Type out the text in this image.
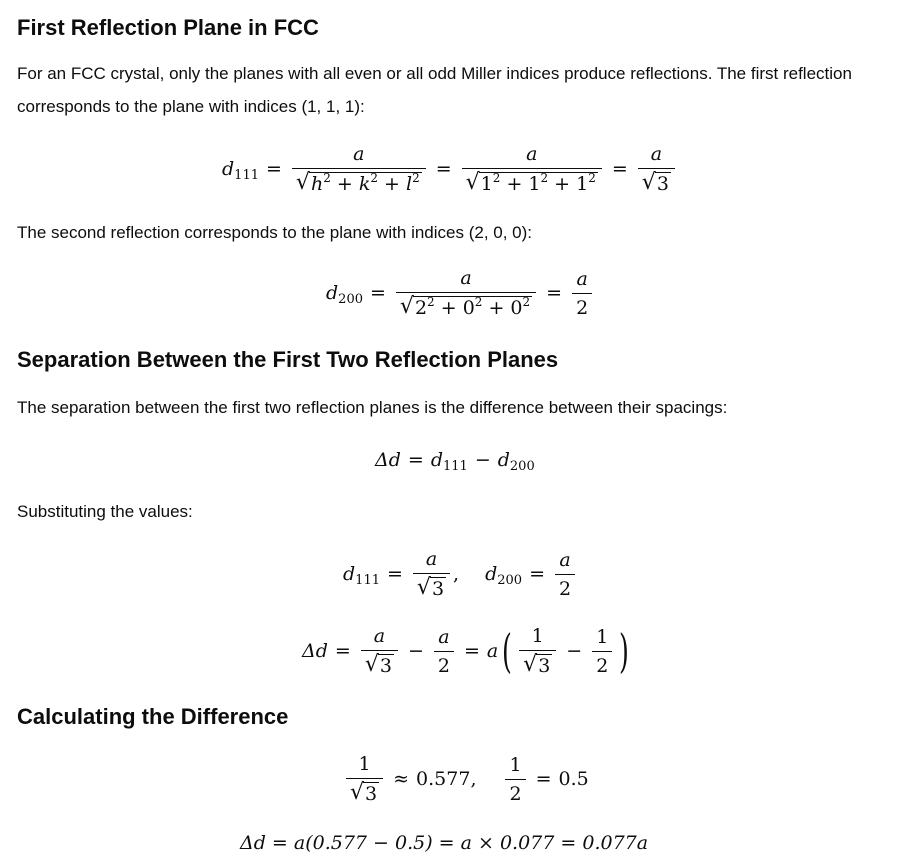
First Reflection Plane in FCC

For an FCC crystal, only the planes with all even or all odd Miller indices produce reflections. The first reflection corresponds to the plane with indices (1, 1, 1):

$d_{111} = \frac{a}{√ h^2 + k^2 + l^2} = \frac{a}{√ 1^2 + 1^2 + 1^2} = \frac{a}{√ 3}$

The second reflection corresponds to the plane with indices (2, 0, 0):

$d_{200} = \frac{a}{√ 2^2 + 0^2 + 0^2} = \frac{a}{2}$
Separation Between the First Two Reflection Planes

The separation between the first two reflection planes is the difference between their spacings:

$\Delta d = d_{111} - d_{200}$

Substituting the values:

$d_{111} = \frac{a}{√ 3}$ , $d_{200} = \frac{a}{2}$
$\Delta d = \frac{a}{√ 3} - \frac{a}{2} = a$ ( $\frac{1}{√ 3} - \frac{1}{2}$ )
Calculating the Difference
$\frac{1}{√ 3} \approx 0.577$, $\frac{1}{2} = 0.5$
Δd = a(0.577 − 0.5) = a × 0.077 = 0.077a
